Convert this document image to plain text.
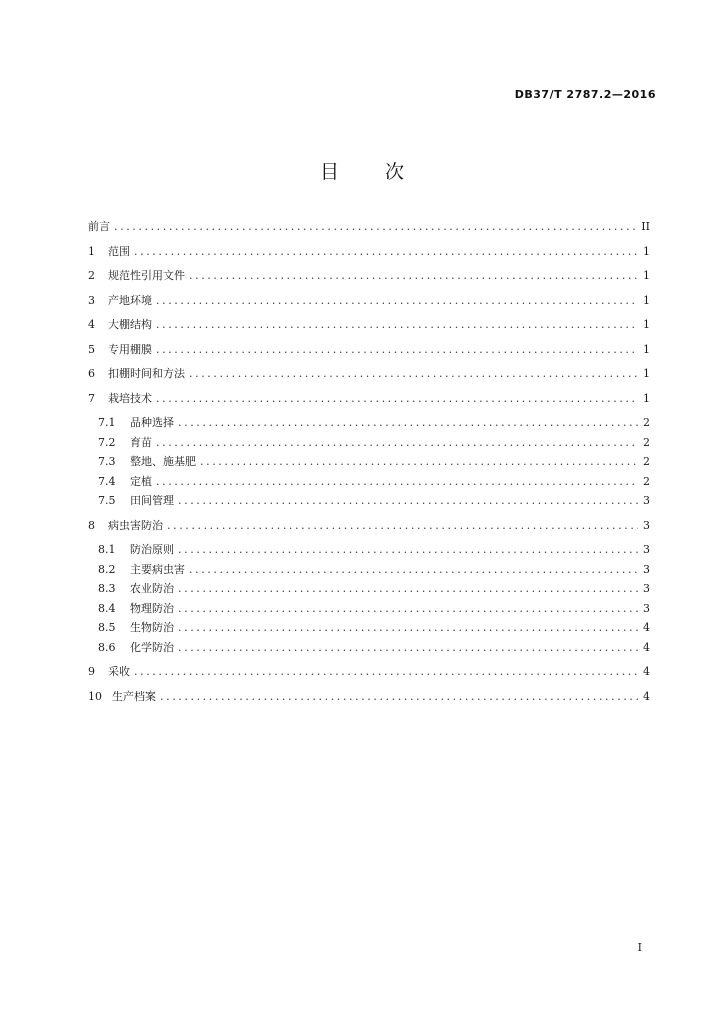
DB37/T 2787.2—2016
目 次
前言 .....	II
1	范围 .....	1
2	规范性引用文件 .....	1
3	产地环境 .....	1
4	大棚结构 .....	1
5	专用棚膜 .....	1
6	扣棚时间和方法 .....	1
7	栽培技术 .....	1
7.1	品种选择 .....	2
7.2	育苗 .....	2
7.3	整地、施基肥 .....	2
7.4	定植 .....	2
7.5	田间管理 .....	3
8	病虫害防治 .....	3
8.1	防治原则 .....	3
8.2	主要病虫害 .....	3
8.3	农业防治 .....	3
8.4	物理防治 .....	3
8.5	生物防治 .....	4
8.6	化学防治 .....	4
9	采收 .....	4
10 生产档案 .....	4
I
